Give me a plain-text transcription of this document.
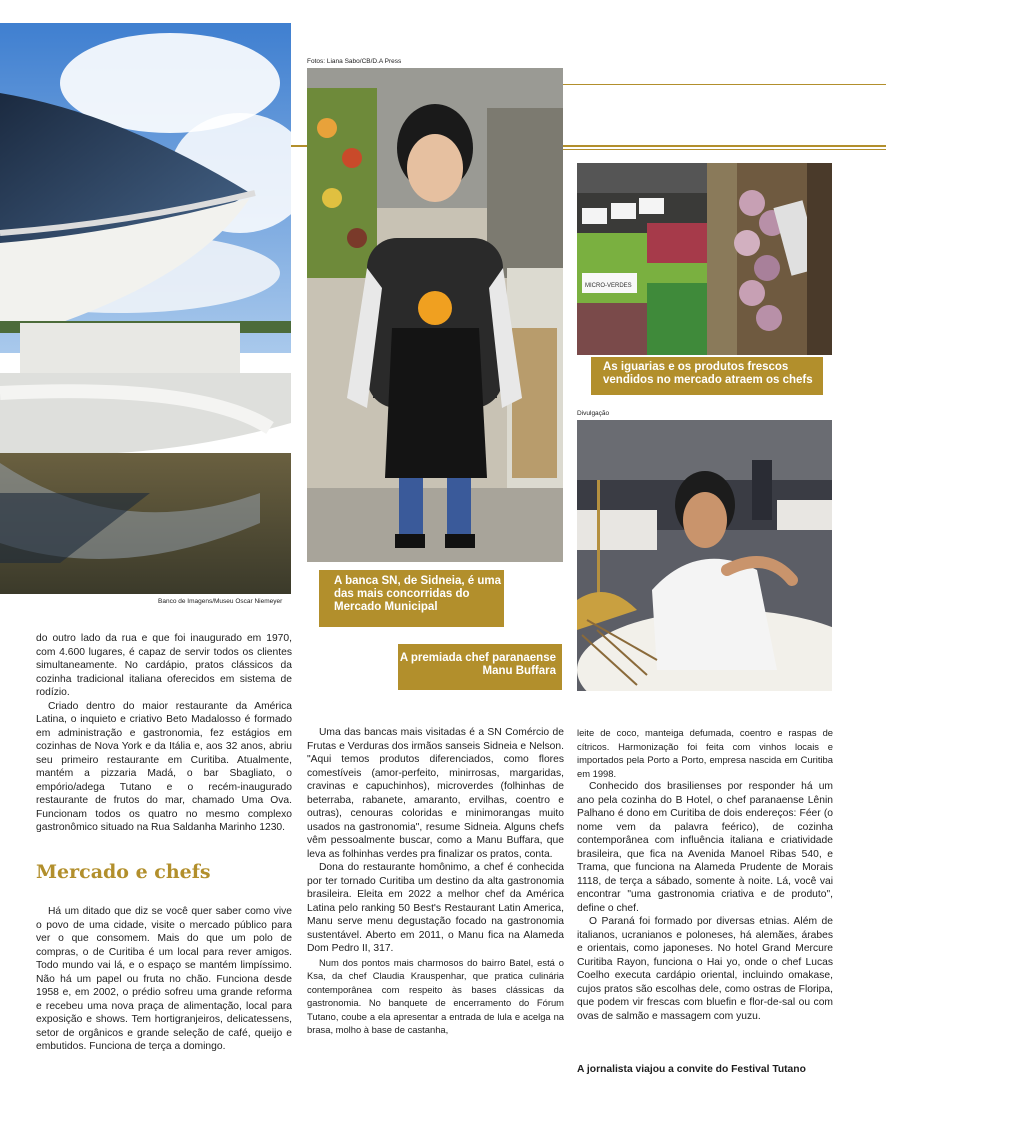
Banco de Imagens/Museu Oscar Niemeyer
Fotos: Liana Sabo/CB/D.A Press
A banca SN, de Sidneia, é uma das mais concorridas do Mercado Municipal
MICRO-VERDES
As iguarias e os produtos frescos vendidos no mercado atraem os chefs
Divulgação
A premiada chef paranaense Manu Buffara

do outro lado da rua e que foi inaugurado em 1970, com 4.600 lugares, é capaz de servir todos os clientes simultaneamente. No cardápio, pratos clássicos da cozinha tradicional italiana oferecidos em sistema de rodízio.

Criado dentro do maior restaurante da América Latina, o inquieto e criativo Beto Madalosso é formado em administração e gastronomia, fez estágios em cozinhas de Nova York e da Itália e, aos 32 anos, abriu seu primeiro restaurante em Curitiba. Atualmente, mantém a pizzaria Madá, o bar Sbagliato, o empório/adega Tutano e o recém-inaugurado restaurante de frutos do mar, chamado Uma Ova. Funcionam todos os quatro no mesmo complexo gastronômico situado na Rua Saldanha Marinho 1230.

Mercado e chefs

Há um ditado que diz se você quer saber como vive o povo de uma cidade, visite o mercado público para ver o que consomem. Mais do que um polo de compras, o de Curitiba é um local para rever amigos. Todo mundo vai lá, e o espaço se mantém limpíssimo. Não há um papel ou fruta no chão. Funciona desde 1958 e, em 2002, o prédio sofreu uma grande reforma e recebeu uma nova praça de alimentação, local para exposição e shows. Tem hortigranjeiros, delicatessens, setor de orgânicos e grande seleção de café, queijo e embutidos. Funciona de terça a domingo.

Uma das bancas mais visitadas é a SN Comércio de Frutas e Verduras dos irmãos sanseis Sidneia e Nelson. "Aqui temos produtos diferenciados, como flores comestíveis (amor-perfeito, minirrosas, margaridas, cravinas e capuchinhos), microverdes (folhinhas de beterraba, rabanete, amaranto, ervilhas, coentro e outras), cenouras coloridas e minimorangas muito usados na gastronomia", resume Sidneia. Alguns chefs vêm pessoalmente buscar, como a Manu Buffara, que leva as folhinhas verdes pra finalizar os pratos, conta.

Dona do restaurante homônimo, a chef é conhecida por ter tornado Curitiba um destino da alta gastronomia brasileira. Eleita em 2022 a melhor chef da América Latina pelo ranking 50 Best's Restaurant Latin America, Manu serve menu degustação focado na gastronomia sustentável. Aberto em 2011, o Manu fica na Alameda Dom Pedro II, 317.

Num dos pontos mais charmosos do bairro Batel, está o Ksa, da chef Claudia Krauspenhar, que pratica culinária contemporânea com respeito às bases clássicas da gastronomia. No banquete de encerramento do Fórum Tutano, coube a ela apresentar a entrada de lula e acelga na brasa, molho à base de castanha,

leite de coco, manteiga defumada, coentro e raspas de cítricos. Harmonização foi feita com vinhos locais e importados pela Porto a Porto, empresa nascida em Curitiba em 1998.

Conhecido dos brasilienses por responder há um ano pela cozinha do B Hotel, o chef paranaense Lênin Palhano é dono em Curitiba de dois endereços: Féer (o nome vem da palavra feérico), de cozinha contemporânea com influência italiana e criatividade brasileira, que fica na Avenida Manoel Ribas 540, e Trama, que funciona na Alameda Prudente de Morais 1118, de terça a sábado, somente à noite. Lá, você vai encontrar "uma gastronomia criativa e de produto", define o chef.

O Paraná foi formado por diversas etnias. Além de italianos, ucranianos e poloneses, há alemães, árabes e orientais, como japoneses. No hotel Grand Mercure Curitiba Rayon, funciona o Hai yo, onde o chef Lucas Coelho executa cardápio oriental, incluindo omakase, cujos pratos são escolhas dele, como ostras de Floripa, que podem vir frescas com bluefin e flor-de-sal ou com ovas de salmão e massagem com yuzu.

A jornalista viajou a convite do Festival Tutano
